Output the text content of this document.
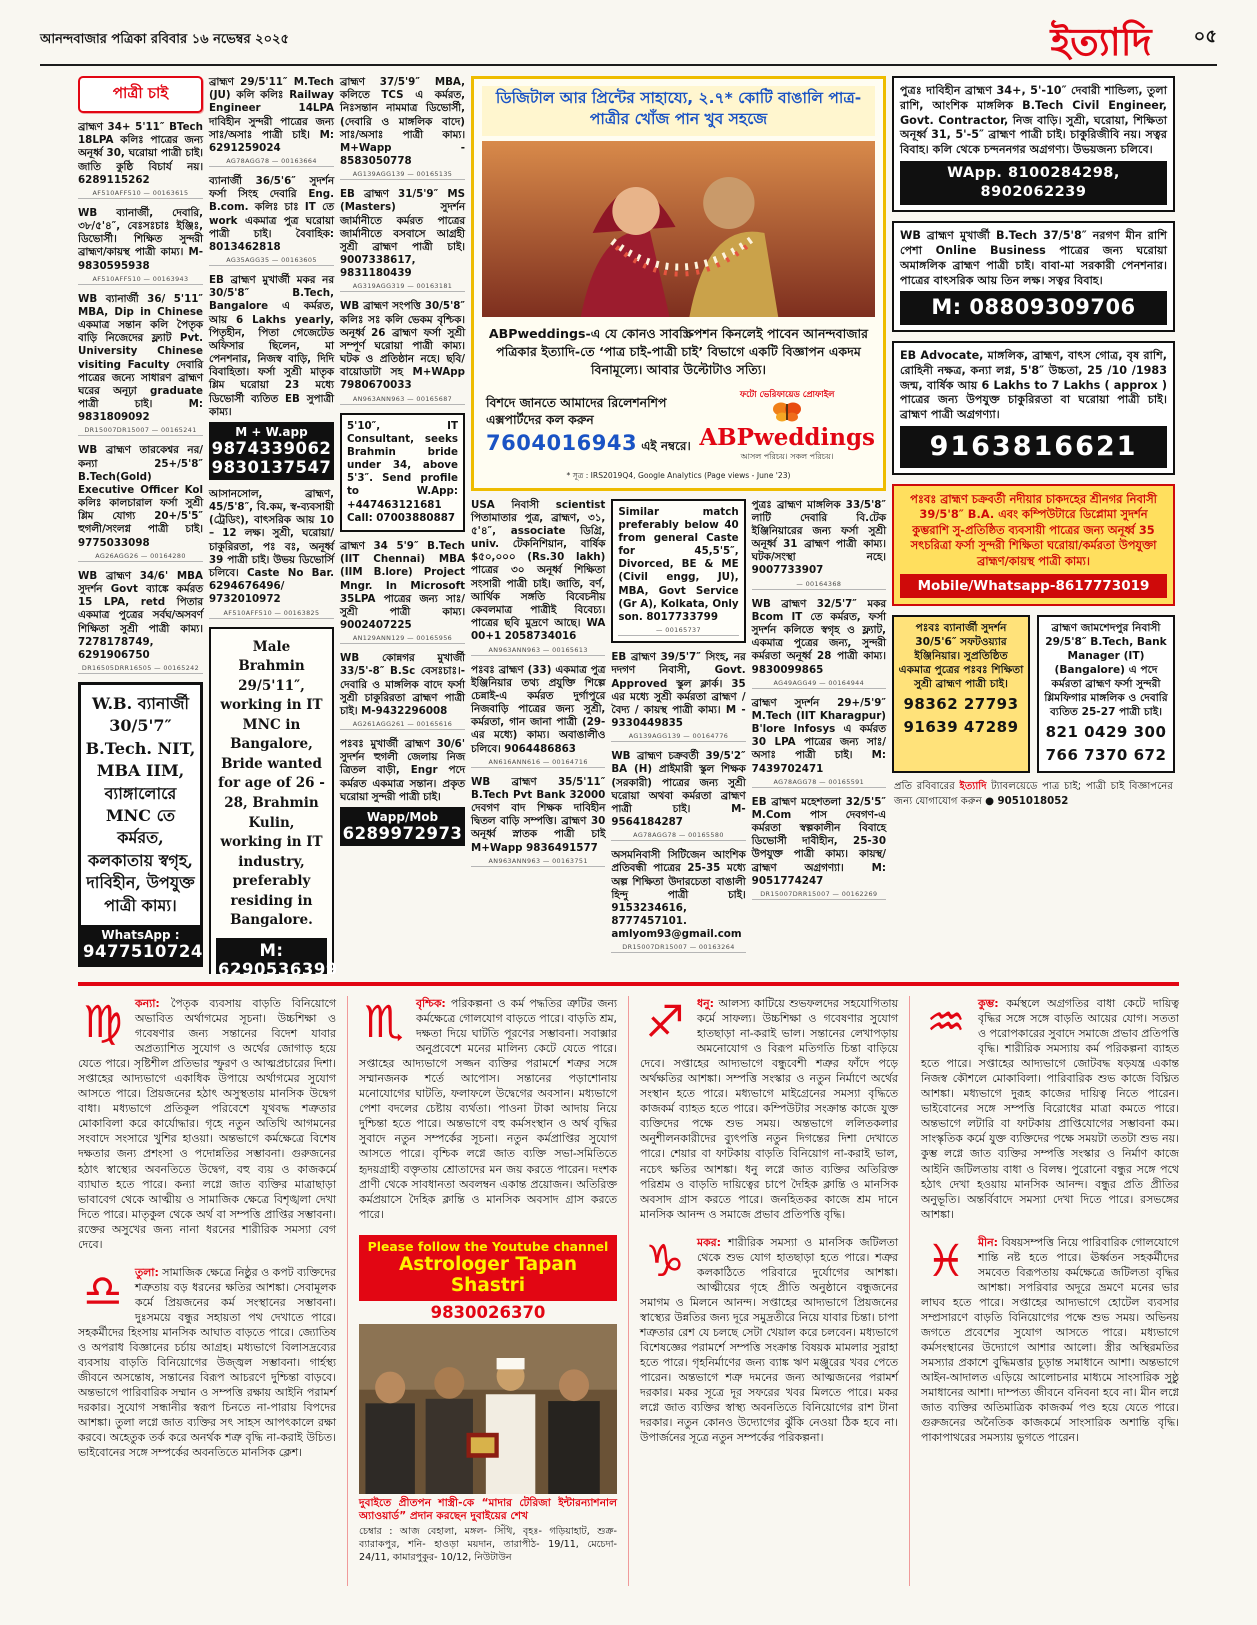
আনন্দবাজার পত্রিকা রবিবার ১৬ নভেম্বর ২০২৫	ইত্যাদি ০৫
পাত্রী চাই

ব্রাহ্মণ 34+ 5'11″ BTech 18LPA কলিঃ পাত্রের জন্য অনূর্ধ্ব 30, ঘরোয়া পাত্রী চাই। জাতি কুষ্ঠি বিচার্য নয়। 6289115262

AF510AFF510 — 00163615

WB ব্যানার্জী, দেবারি, ৩৮/৫'৪″, বেঃসঃচাঃ ইঞ্জিঃ, ডিভোর্সী। শিক্ষিত সুন্দরী ব্রাহ্মণ/কায়স্থ পাত্রী কাম্য। M-9830595938

AF510AFF510 — 00163943

WB ব্যানার্জী 36/ 5'11″ MBA, Dip in Chinese একমাত্র সন্তান কলি পৈতৃক বাড়ি নিজেদের ফ্ল্যাট Pvt. University Chinese visiting Faculty দেবারি পাত্রের জন্যে সাধারণ ব্রাহ্মণ ঘরের অনূঢ়া graduate পাত্রী চাই। M: 9831809092

DR15007DR15007 — 00165241

WB ব্রাহ্মণ তারকেশ্বর নর/কন্যা 25+/5'8″ B.Tech(Gold) Executive Officer Kol কলিঃ কালচারাল ফর্সা সুশ্রী শ্লিম যোগ্য 20+/5'5″ হুগলী/সংলগ্ন পাত্রী চাই। 9775033098

AG26AGG26 — 00164280

WB ব্রাহ্মণ 34/6' MBA সুদর্শন Govt ব্যাঙ্কে কর্মরত 15 LPA, retd পিতার একমাত্র পুত্রের সর্বঘ/অসবর্ণ শিক্ষিতা সুশ্রী পাত্রী কাম্য। 7278178749, 6291906750

DR16505DRR16505 — 00165242

W.B. ব্যানার্জী 30/5'7″ B.Tech. NIT, MBA IIM, ব্যাঙ্গালোরে MNC তে কর্মরত, কলকাতায় স্বগৃহ, দাবিহীন, উপযুক্ত পাত্রী কাম্য।

WhatsApp :
9477510724

ব্রাহ্মণ 29/5'11″ M.Tech (JU) কলি কলিঃ Railway Engineer 14LPA দাবিহীন সুন্দরী পাত্রের জন্য সাঃ/অসাঃ পাত্রী চাই। M: 6291259024

AG78AGG78 — 00163664

ব্যানার্জী 36/5'6″ সুদর্শন ফর্সা সিংহ দেবারি Eng. B.com. কলিঃ চাঃ IT তে work একমাত্র পুত্র ঘরোয়া পাত্রী চাই। বৈবাহিক: 8013462818

AG35AGG35 — 00163605

EB ব্রাহ্মণ মুখার্জী মকর নর 30/5'8″ B.Tech, Bangalore এ কর্মরত, আয় 6 Lakhs yearly, পিতৃহীন, পিতা গেজেটেড অফিসার ছিলেন, মা পেনশনার, নিজস্ব বাড়ি, দিদি বিবাহিতা। ফর্সা সুশ্রী মাতৃক শ্লিম ঘরোয়া 23 মধ্যে ডিভোর্সী ব্যতিত EB সুপাত্রী কাম্য।

M + W.app
9874339062
9830137547

আসানসোল, ব্রাহ্মণ, 45/5'8″, বি.কম, স্ব-ব্যবসায়ী (ট্রেডিং), বাৎসরিক আয় 10 – 12 লক্ষ। সুশ্রী, ঘরোয়া/চাকুরিরতা, পঃ বঃ, অনূর্ধ্ব 39 পাত্রী চাই। উভয় ডিভোর্সি চলিবে। Caste No Bar. 6294676496/ 9732010972

AF510AFF510 — 00163825

Male Brahmin 29/5'11″, working in IT MNC in Bangalore, Bride wanted for age of 26 - 28, Brahmin Kulin, working in IT industry, preferably residing in Bangalore.

M: 6290536399

ব্রাহ্মণ 37/5'9″ MBA, কলিতে TCS এ কর্মরত, নিঃসন্তান নামমাত্র ডিভোর্সী, (দেবারি ও মাঙ্গলিক বাদে) সাঃ/অসাঃ পাত্রী কাম্য। M+Wapp - 8583050778

AG139AGG139 — 00165135

EB ব্রাহ্মণ 31/5'9″ MS (Masters) সুদর্শন জার্মানীতে কর্মরত পাত্রের জার্মানীতে বসবাসে আগ্রহী সুশ্রী ব্রাহ্মণ পাত্রী চাই। 9007338617, 9831180439

AG319AGG319 — 00163181

WB ব্রাহ্মণ সংপত্তি 30/5'8″ কলিঃ সঃ কলি ভেকম বৃশ্চিক। অনূর্ধ্ব 26 ব্রাহ্মণ ফর্সা সুশ্রী সম্পূর্ণ ঘরোয়া পাত্রী কাম্য। ঘটক ও প্রতিষ্ঠান নহে। ছবি/বায়োডাটা সহ M+WApp 7980670033

AN963ANN963 — 00165687

5'10″, IT Consultant, seeks Brahmin bride under 34, above 5'3″. Send profile to W.App: +447463121681 Call: 07003880887

ব্রাহ্মণ 34 5'9″ B.Tech (IIT Chennai) MBA (IIM B.lore) Project Mngr. In Microsoft 35LPA পাত্রের জন্য সাঃ/সুশ্রী পাত্রী কাম্য। 9002407225

AN129ANN129 — 00165956

WB কোন্নগর মুখার্জী 33/5'-8″ B.Sc বেসঃচাঃ।- দেবারি ও মাঙ্গলিক বাদে ফর্সা সুশ্রী চাকুরিরতা ব্রাহ্মণ পাত্রী চাই। M-9432296008

AG261AGG261 — 00165616

পঃবঃ মুখার্জী ব্রাহ্মণ 30/6' সুদর্শন হুগলী জেলায় নিজ ত্রিতল বাড়ী, Engr পদে কর্মরত একমাত্র সন্তান। প্রকৃত ঘরোয়া সুন্দরী পাত্রী চাই।

Wapp/Mob
6289972973
ডিজিটাল আর প্রিন্টের সাহায্যে, ২.৭* কোটি বাঙালি পাত্র-পাত্রীর খোঁজ পান খুব সহজে

ABPweddings-এ যে কোনও সাবস্ক্রিপশন কিনলেই পাবেন আনন্দবাজার পত্রিকার ইত্যাদি-তে ‘পাত্র চাই-পাত্রী চাই’ বিভাগে একটি বিজ্ঞাপন একদম বিনামূল্যে। আবার উল্টোটাও সত্যি।

বিশদে জানতে আমাদের রিলেশনশিপ এক্সপার্টদের কল করুন
7604016943 এই নম্বরে।
ফটো ভেরিফায়েড প্রোফাইল
ABPweddings
আসল পরিচয়। সকল পরিচয়।
* সূত্র : IRS2019Q4, Google Analytics (Page views - June '23)

USA নিবাসী scientist পিতামাতার পুত্র, ব্রাহ্মণ, ৩১, ৫'৪″, associate ডিগ্রি, univ. টেকনিশিয়ান, বার্ষিক $৫০,০০০ (Rs.30 lakh) পাত্রের ৩০ অনূর্ধ্ব শিক্ষিতা সংসারী পাত্রী চাই। জাতি, বর্ণ, আর্থিক সঙ্গতি বিবেচনীয় কেবলমাত্র পাত্রীই বিবেচ্য। পাত্রের ছবি মুদ্রণে আছে। WA 00+1 2058734016

AN963ANN963 — 00165613

পঃবঃ ব্রাহ্মণ (33) একমাত্র পুত্র ইঞ্জিনিয়ার তথ্য প্রযুক্তি শিল্পে চেন্নাই-এ কর্মরত দুর্গাপুরে নিজবাড়ি পাত্রের জন্য সুশ্রী, কর্মরতা, গান জানা পাত্রী (29-এর মধ্যে) কাম্য। অবাঙালীও চলিবে। 9064486863

AN616ANN616 — 00164716

WB ব্রাহ্মণ 35/5'11″ B.Tech Pvt Bank 32000 দেবগণ বাদ শিক্ষক দাবিহীন দ্বিতল বাড়ি সম্পত্তি। ব্রাহ্মণ 30 অনূর্ধ্ব স্নাতক পাত্রী চাই M+Wapp 9836491577

AN963ANN963 — 00163751

Similar match preferably below 40 from general Caste for 45,5'5″, Divorced, BE & ME (Civil engg, JU), MBA, Govt Service (Gr A), Kolkata, Only son. 8017733799

— 00165737

EB ব্রাহ্মণ 39/5'7″ সিংহ, নর দদগণ নিবাসী, Govt. Approved স্কুল ক্লার্ক। 35 এর মধ্যে সুশ্রী কর্মরতা ব্রাহ্মণ / বৈদ্য / কায়স্থ পাত্রী কাম্য। M - 9330449835

AG139AGG139 — 00164776

WB ব্রাহ্মণ চক্রবর্তী 39/5'2″ BA (H) প্রাইমারী স্কুল শিক্ষক (সরকারী) পাত্রের জন্য সুশ্রী ঘরোয়া অথবা কর্মরতা ব্রাহ্মণ পাত্রী চাই। M- 9564184287

AG78AGG78 — 00165580

অসমনিবাসী সিটিজেন আংশিক প্রতিবন্ধী পাত্রের 25-35 মধ্যে অল্প শিক্ষিতা উদারচেতা বাঙালী হিন্দু পাত্রী চাই। 9153234616, 8777457101. amlyom93@gmail.com

DR15007DR15007 — 00163264

পুত্রঃ ব্রাহ্মণ মাঙ্গলিক 33/5'8″ লাটি দেবারি বি.টেক ইঞ্জিনিয়ারের জন্য ফর্সা সুশ্রী অনূর্ধ্ব 31 ব্রাহ্মণ পাত্রী কাম্য। ঘটক/সংস্থা নহে। 9007733907

— 00164368

WB ব্রাহ্মণ 32/5'7″ মকর Bcom IT তে কর্মরত, ফর্সা সুদর্শন কলিতে স্বগৃহ ও ফ্ল্যাট, একমাত্র পুত্রের জন্য, সুন্দরী কর্মরতা অনূর্ধ্ব 28 পাত্রী কাম্য। 9830099865

AG49AGG49 — 00164944

ব্রাহ্মণ সুদর্শন 29+/5'9″ M.Tech (IIT Kharagpur) B'lore Infosys এ কর্মরত 30 LPA পাত্রের জন্য সাঃ/অসাঃ পাত্রী চাই। M: 7439702471

AG78AGG78 — 00165591

EB ব্রাহ্মণ মহেশতলা 32/5'5″ M.Com পাস দেবগণ-এ কর্মরতা স্বল্পকালীন বিবাহে ডিভোর্সী দাবীহীন, 25-30 উপযুক্ত পাত্রী কাম্য। কায়স্থ/ব্রাহ্মণ অগ্রগণ্যা। M: 9051774247

DR15007DRR15007 — 00162269
পুত্রঃ দাবিহীন ব্রাহ্মণ 34+, 5'-10″ দেবারী শান্ডিল্য, তুলা রাশি, আংশিক মাঙ্গলিক B.Tech Civil Engineer, Govt. Contractor, নিজ বাড়ি। সুশ্রী, ঘরোয়া, শিক্ষিতা অনূর্ধ্ব 31, 5'-5″ ব্রাহ্মণ পাত্রী চাই। চাকুরিজীবি নয়। সত্বর বিবাহ। কলি থেকে চন্দননগর অগ্রগণ্য। উভয়জন্য চলিবে।
WApp. 8100284298, 8902062239
WB ব্রাহ্মণ মুখার্জী B.Tech 37/5'8″ নরগণ মীন রাশি পেশা Online Business পাত্রের জন্য ঘরোয়া অমাঙ্গলিক ব্রাহ্মণ পাত্রী চাই। বাবা-মা সরকারী পেনশনার। পাত্রের বাৎসরিক আয় তিন লক্ষ। সত্বর বিবাহ।
M: 08809309706
EB Advocate, মাঙ্গলিক, ব্রাহ্মণ, বাৎস গোত্র, বৃষ রাশি, রোহিনী নক্ষত্র, কন্যা লগ্ন, 5'8″ উচ্চতা, 25 /10 /1983 জন্ম, বার্ষিক আয় 6 Lakhs to 7 Lakhs ( approx ) পাত্রের জন্য উপযুক্ত চাকুরিরতা বা ঘরোয়া পাত্রী চাই। ব্রাহ্মণ পাত্রী অগ্রগণ্যা।
9163816621
পঃবঃ ব্রাহ্মণ চক্রবর্তী নদীয়ার চাকদহের শ্রীনগর নিবাসী 39/5'8″ B.A. এবং কম্পিউটারে ডিপ্লোমা সুদর্শন কুম্ভরাশি সু-প্রতিষ্ঠিত ব্যবসায়ী পাত্রের জন্য অনূর্ধ্ব 35 সৎচরিত্রা ফর্সা সুন্দরী শিক্ষিতা ঘরোয়া/কর্মরতা উপযুক্তা ব্রাহ্মণ/কায়স্থ পাত্রী কাম্য।
Mobile/Whatsapp-8617773019
পঃবঃ ব্যানার্জী সুদর্শন 30/5'6″ সফটওয়্যার ইঞ্জিনিয়ার। সুপ্রতিষ্ঠিত একমাত্র পুত্রের পঃবঃ শিক্ষিতা সুশ্রী ব্রাহ্মণ পাত্রী চাই।
98362 27793
91639 47289
ব্রাহ্মণ জামশেদপুর নিবাসী 29/5'8″ B.Tech, Bank Manager (IT) (Bangalore) এ পদে কর্মরতা ব্রাহ্মণ ফর্সা সুন্দরী শ্লিমফিগার মাঙ্গলিক ও দেবারি ব্যতিত 25-27 পাত্রী চাই।
821 0429 300
766 7370 672

প্রতি রবিবারের ইত্যাদি ট্যাবলয়েডে পাত্র চাই; পাত্রী চাই বিজ্ঞাপনের জন্য যোগাযোগ করুন ● 9051018052

♍	কন্যা: পৈতৃক ব্যবসায় বাড়তি বিনিয়োগে অভাবিত অর্থাগমের সূচনা। উচ্চশিক্ষা ও গবেষণার জন্য সন্তানের বিদেশ যাবার অপ্রত্যাশিত সুযোগ ও অর্থের জোগাড় হয়ে যেতে পারে। সৃষ্টিশীল প্রতিভার স্ফুরণ ও আত্মপ্রচারের দিশা। সপ্তাহের আদ্যভাগে একাধিক উপায়ে অর্থাগমের সুযোগ আসতে পারে। প্রিয়জনের হঠাৎ অসুস্থতায় মানসিক উদ্বেগ বাধা। মধ্যভাগে প্রতিকূল পরিবেশে যূথবদ্ধ শত্রুতার মোকাবিলা করে কার্যোদ্ধার। গৃহে নতুন অতিথি আগমনের সংবাদে সংসারে খুশির হাওয়া। অন্তভাগে কর্মক্ষেত্রে বিশেষ দক্ষতার জন্য প্রশংসা ও পদোন্নতির সম্ভাবনা। গুরুজনের হঠাৎ স্বাস্থ্যের অবনতিতে উদ্বেগ, বহু ব্যয় ও কাজকর্মে ব্যাঘাত হতে পারে। কন্যা লগ্নে জাত ব্যক্তির মাত্রাছাড়া ভাবাবেগ থেকে আত্মীয় ও সামাজিক ক্ষেত্রে বিশৃঙ্খলা দেখা দিতে পারে। মাতৃকুল থেকে অর্থ বা সম্পত্তি প্রাপ্তির সম্ভাবনা। রক্তের অসুখের জন্য নানা ধরনের শারীরিক সমস্যা বেগ দেবে।

♎	তুলা: সামাজিক ক্ষেত্রে নিষ্ঠুর ও কপট ব্যক্তিদের শত্রুতায় বড় ধরনের ক্ষতির আশঙ্কা। সেবামূলক কর্মে প্রিয়জনের কর্ম সংস্থানের সম্ভাবনা। দুঃসময়ে বন্ধুর সহায়তা পথ দেখাতে পারে। সহকর্মীদের হিংসায় মানসিক আঘাত বাড়তে পারে। জ্যোতিষ ও অপরাধ বিজ্ঞানের চর্চায় আগ্রহ। মধ্যভাগে বিলাসদ্রব্যের ব্যবসায় বাড়তি বিনিয়োগের উজ্জ্বল সম্ভাবনা। গার্হস্থ্য জীবনে অসন্তোষ, সন্তানের বিরূপ আচরণে দুশ্চিন্তা বাড়বে। অন্তভাগে পারিবারিক সম্মান ও সম্পত্তি রক্ষায় আইনি পরামর্শ দরকার। সুযোগ সন্ধানীর স্বরূপ চিনতে না-পারায় বিপদের আশঙ্কা। তুলা লগ্নে জাত ব্যক্তির সৎ সাহস আপৎকালে রক্ষা করবে। অহেতুক তর্ক করে অনর্থক শত্রু বৃদ্ধি না-করাই উচিত। ভাইবোনের সঙ্গে সম্পর্কের অবনতিতে মানসিক ক্লেশ।

♏	বৃশ্চিক: পরিকল্পনা ও কর্ম পদ্ধতির ত্রুটির জন্য কর্মক্ষেত্রে গোলযোগ বাড়তে পারে। বাড়তি শ্রম, দক্ষতা দিয়ে ঘাটতি পূরণের সম্ভাবনা। সবাক্সার অনুপ্রবেশে মনের মালিন্য কেটে যেতে পারে। সপ্তাহের আদ্যভাগে সজ্জন ব্যক্তির পরামর্শে শত্রুর সঙ্গে সম্মানজনক শর্তে আপোস। সন্তানের পড়াশোনায় মনোযোগের ঘাটতি, ফলাফলে উদ্বেগের অবসান। মধ্যভাগে পেশা বদলের চেষ্টায় ব্যর্থতা। পাওনা টাকা আদায় নিয়ে দুশ্চিন্তা হতে পারে। অন্তভাগে বহু কর্মসংস্থান ও অর্থ বৃদ্ধির সুবাদে নতুন সম্পর্কের সূচনা। নতুন কর্মপ্রাপ্তির সুযোগ আসতে পারে। বৃশ্চিক লগ্নে জাত ব্যক্তি সভা-সমিতিতে হৃদয়গ্রাহী বক্তৃতায় শ্রোতাদের মন জয় করতে পারেন। দংশক প্রাণী থেকে সাবধানতা অবলম্বন একান্ত প্রয়োজন। অতিরিক্ত কর্মপ্রয়াসে দৈহিক ক্লান্তি ও মানসিক অবসাদ গ্রাস করতে পারে।

Please follow the Youtube channel
Astrologer Tapan Shastri
9830026370

দুবাইতে প্রীতপন শাস্ত্রী-কে “মাদার টেরিজা ইন্টারন্যাশনাল অ্যাওয়ার্ড” প্রদান করছেন দুবাইয়ের শেখ

চেম্বার : আজ বেহালা, মঙ্গল- সিঁথি, বৃহঃ- গড়িয়াহাট, শুক্র- ব্যারাকপুর, শনি- হাওড়া ময়দান, তারাপীঠ- 19/11, মেচেদা- 24/11, কামারপুকুর- 10/12, নিউটাউন

♐	ধনু: আলস্য কাটিয়ে শুভফলদের সহযোগিতায় কর্মে সাফল্য। উচ্চশিক্ষা ও গবেষণার সুযোগ হাতছাড়া না-করাই ভাল। সন্তানের লেখাপড়ায় অমনোযোগ ও বিরূপ মতিগতি চিন্তা বাড়িয়ে দেবে। সপ্তাহের আদ্যভাগে বন্ধুবেশী শত্রুর ফাঁদে পড়ে অর্থক্ষতির আশঙ্কা। সম্পত্তি সংস্কার ও নতুন নির্মাণে অর্থের সংস্থান হতে পারে। মধ্যভাগে মাইগ্রেনের সমস্যা বৃদ্ধিতে কাজকর্ম ব্যাহত হতে পারে। কম্পিউটার সংক্রান্ত কাজে যুক্ত ব্যক্তিদের পক্ষে শুভ সময়। অন্তভাগে ললিতকলার অনুশীলনকারীদের ব্যুৎপত্তি নতুন দিগন্তের দিশা দেখাতে পারে। শেয়ার বা ফাটকায় বাড়তি বিনিয়োগ না-করাই ভাল, নচেৎ ক্ষতির আশঙ্কা। ধনু লগ্নে জাত ব্যক্তির অতিরিক্ত পরিশ্রম ও বাড়তি দায়িত্বের চাপে দৈহিক ক্লান্তি ও মানসিক অবসাদ গ্রাস করতে পারে। জনহিতকর কাজে শ্রম দানে মানসিক আনন্দ ও সমাজে প্রভাব প্রতিপত্তি বৃদ্ধি।

♑	মকর: শারীরিক সমস্যা ও মানসিক জটিলতা থেকে শুভ যোগ হাতছাড়া হতে পারে। শত্রুর কলকাঠিতে পরিবারে দুর্যোগের আশঙ্কা। আত্মীয়ের গৃহে প্রীতি অনুষ্ঠানে বন্ধুজনের সমাগম ও মিলনে আনন্দ। সপ্তাহের আদ্যভাগে প্রিয়জনের স্বাস্থ্যের উন্নতির জন্য দূরে সমুদ্রতীরে নিয়ে যাবার চিন্তা। চাপা শত্রুতার রেশ যে চলছে সেটা খেয়াল করে চলবেন। মধ্যভাগে বিশেষজ্ঞের পরামর্শে সম্পত্তি সংক্রান্ত বিষয়ক মামলার সুরাহা হতে পারে। গৃহনির্মাণের জন্য ব্যাঙ্ক ঋণ মঞ্জুরের খবর পেতে পারেন। অন্তভাগে শত্রু দমনের জন্য আত্মজনের পরামর্শ দরকার। মকর সূত্রে দূর সফরের খবর মিলতে পারে। মকর লগ্নে জাত ব্যক্তির স্বাস্থ্য অবনতিতে বিনিয়োগের রাশ টানা দরকার। নতুন কোনও উদ্যোগের ঝুঁকি নেওয়া ঠিক হবে না। উপার্জনের সূত্রে নতুন সম্পর্কের পরিকল্পনা।

♒	কুম্ভ: কর্মস্থলে অগ্রগতির বাধা কেটে দায়িত্ব বৃদ্ধির সঙ্গে সঙ্গে বাড়তি আয়ের যোগ। সততা ও পরোপকারের সুবাদে সমাজে প্রভাব প্রতিপত্তি বৃদ্ধি। শারীরিক সমস্যায় কর্ম পরিকল্পনা ব্যাহত হতে পারে। সপ্তাহের আদ্যভাগে জোটবদ্ধ ষড়যন্ত্র একান্ত নিজস্ব কৌশলে মোকাবিলা। পারিবারিক শুভ কাজে বিঘ্নিত আশঙ্কা। মধ্যভাগে দুরূহ কাজের দায়িত্ব নিতে পারেন। ভাইবোনের সঙ্গে সম্পত্তি বিরোধের মাত্রা কমতে পারে। অন্তভাগে লটারি বা ফাটকায় প্রাপ্তিযোগের সম্ভাবনা কম। সাংস্কৃতিক কর্মে যুক্ত ব্যক্তিদের পক্ষে সময়টা ততটা শুভ নয়। কুম্ভ লগ্নে জাত ব্যক্তির সম্পত্তি সংস্কার ও নির্মাণ কাজে আইনি জটিলতায় বাধা ও বিলম্ব। পুরোনো বন্ধুর সঙ্গে পথে হঠাৎ দেখা হওয়ায় মানসিক আনন্দ। বন্ধুর প্রতি প্রীতির অনুভূতি। অন্তর্বিবাদে সমস্যা দেখা দিতে পারে। রসভঙ্গের আশঙ্কা।

♓	মীন: বিষয়সম্পত্তি নিয়ে পারিবারিক গোলযোগে শান্তি নষ্ট হতে পারে। ঊর্ধ্বতন সহকর্মীদের সমবেত বিরূপতায় কর্মক্ষেত্রে জটিলতা বৃদ্ধির আশঙ্কা। সপরিবার অদূরে ভ্রমণে মনের ভার লাঘব হতে পারে। সপ্তাহের আদ্যভাগে হোটেল ব্যবসার সম্প্রসারণে বাড়তি বিনিয়োগের পক্ষে শুভ সময়। অভিনয় জগতে প্রবেশের সুযোগ আসতে পারে। মধ্যভাগে কর্মসংস্থানের উদ্যোগে আশার আলো। স্ত্রীর অস্থিরমতির সমস্যার প্রকাশে বুদ্ধিমত্তার চূড়ান্ত সমাধানে আশা। অন্তভাগে আইন-আদালত এড়িয়ে আলোচনার মাধ্যমে সাংসারিক সুষ্ঠু সমাধানের আশা। দাম্পত্য জীবনে বনিবনা হবে না। মীন লগ্নে জাত ব্যক্তির অতিমাত্রিক কাজকর্ম পণ্ড হয়ে যেতে পারে। গুরুজনের অনৈতিক কাজকর্মে সাংসারিক অশান্তি বৃদ্ধি। পাকাপাথরের সমস্যায় ভুগতে পারেন।
